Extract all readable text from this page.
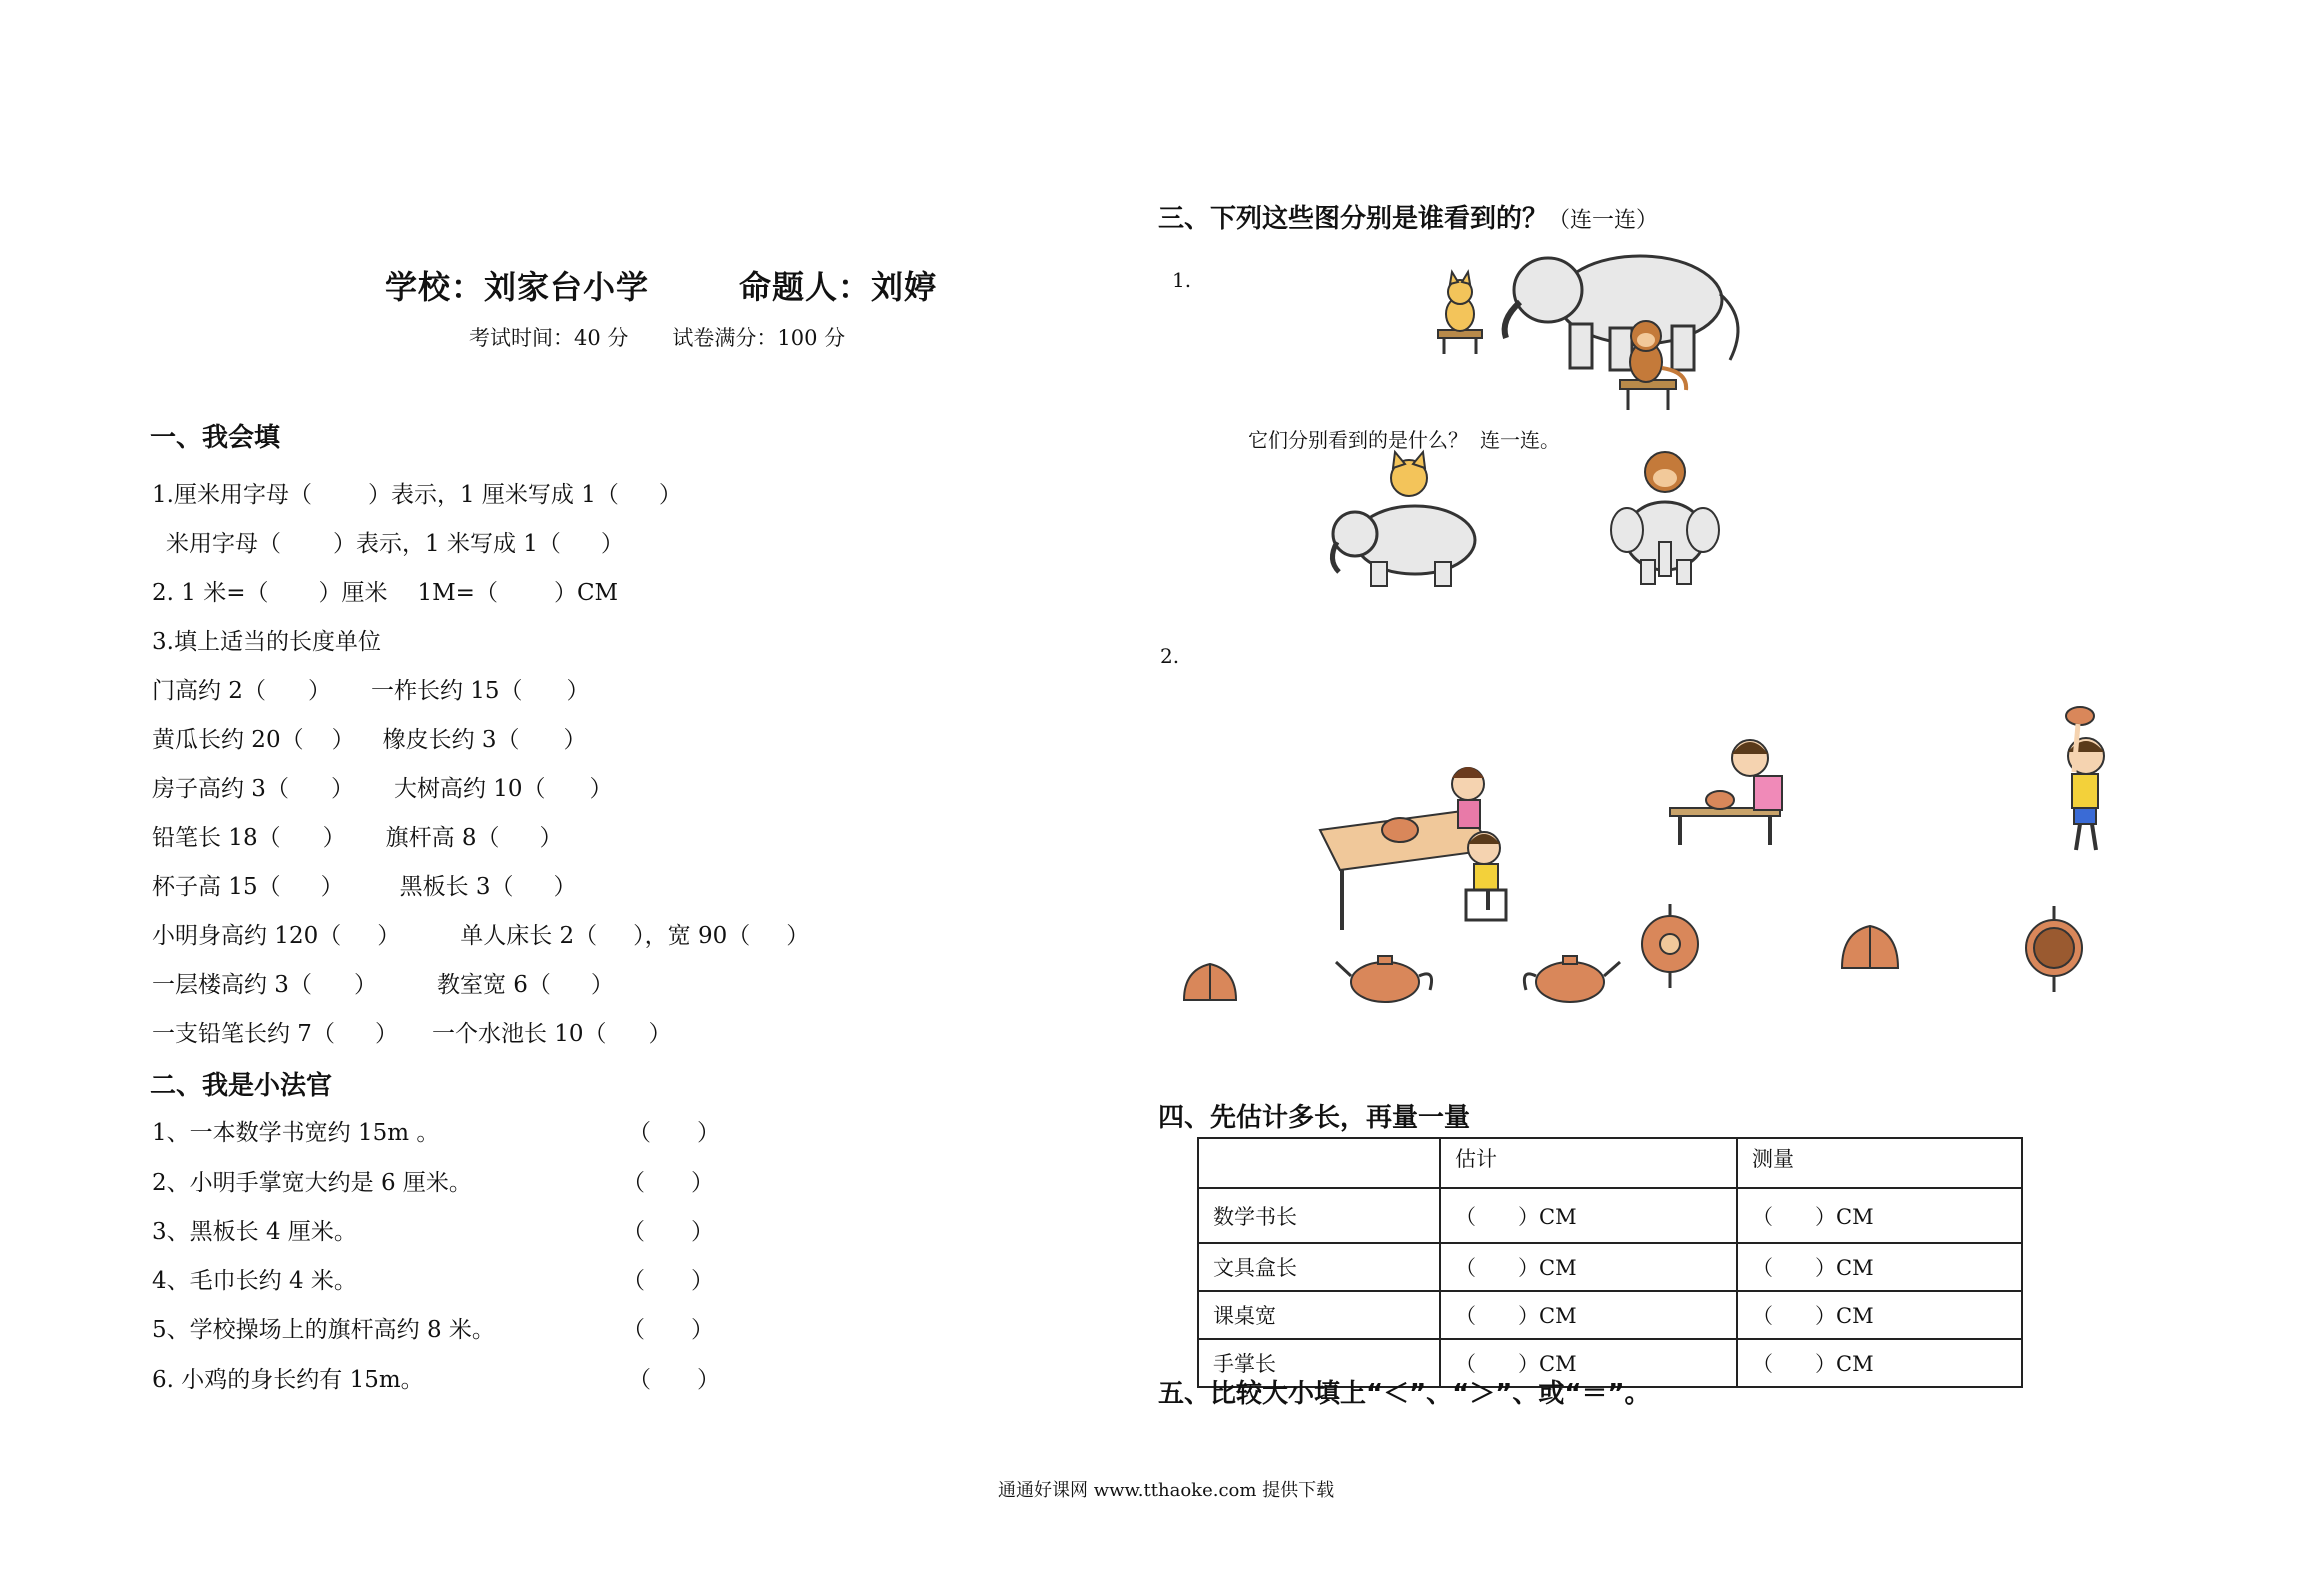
学校：刘家台小学	命题人：刘婷
考试时间：40 分 试卷满分：100 分
一、我会填
1.厘米用字母（ ）表示，1 厘米写成 1（ ）
米用字母（ ）表示，1 米写成 1（ ）
2. 1 米=（ ）厘米 1M=（ ）CM
3.填上适当的长度单位
门高约 2（ ） 一柞长约 15（ ）
黄瓜长约 20（ ） 橡皮长约 3（ ）
房子高约 3（ ） 大树高约 10（ ）
铅笔长 18（ ） 旗杆高 8（ ）
杯子高 15（ ） 黑板长 3（ ）
小明身高约 120（ ）	单人床长 2（ ），宽 90（ ）
一层楼高约 3（ ）	教室宽 6（ ）
一支铅笔长约 7（ ） 一个水池长 10（ ）
二、我是小法官
1、一本数学书宽约 15m 。	（　　）
2、小明手掌宽大约是 6 厘米。	（　　）
3、黑板长 4 厘米。	（　　）
4、毛巾长约 4 米。	（　　）
5、学校操场上的旗杆高约 8 米。	（　　）
6. 小鸡的身长约有 15m。	（　　）
三、下列这些图分别是谁看到的？（连一连）
1.
它们分别看到的是什么？ 连一连。
2.
四、先估计多长，再量一量
	估计	测量
数学书长	（　　）CM	（　　）CM
文具盒长	（　　）CM	（　　）CM
课桌宽	（　　）CM	（　　）CM
手掌长	（　　）CM	（　　）CM
五、比较大小填上“＜”、“＞”、或“＝”。
通通好课网 www.tthaoke.com 提供下载
